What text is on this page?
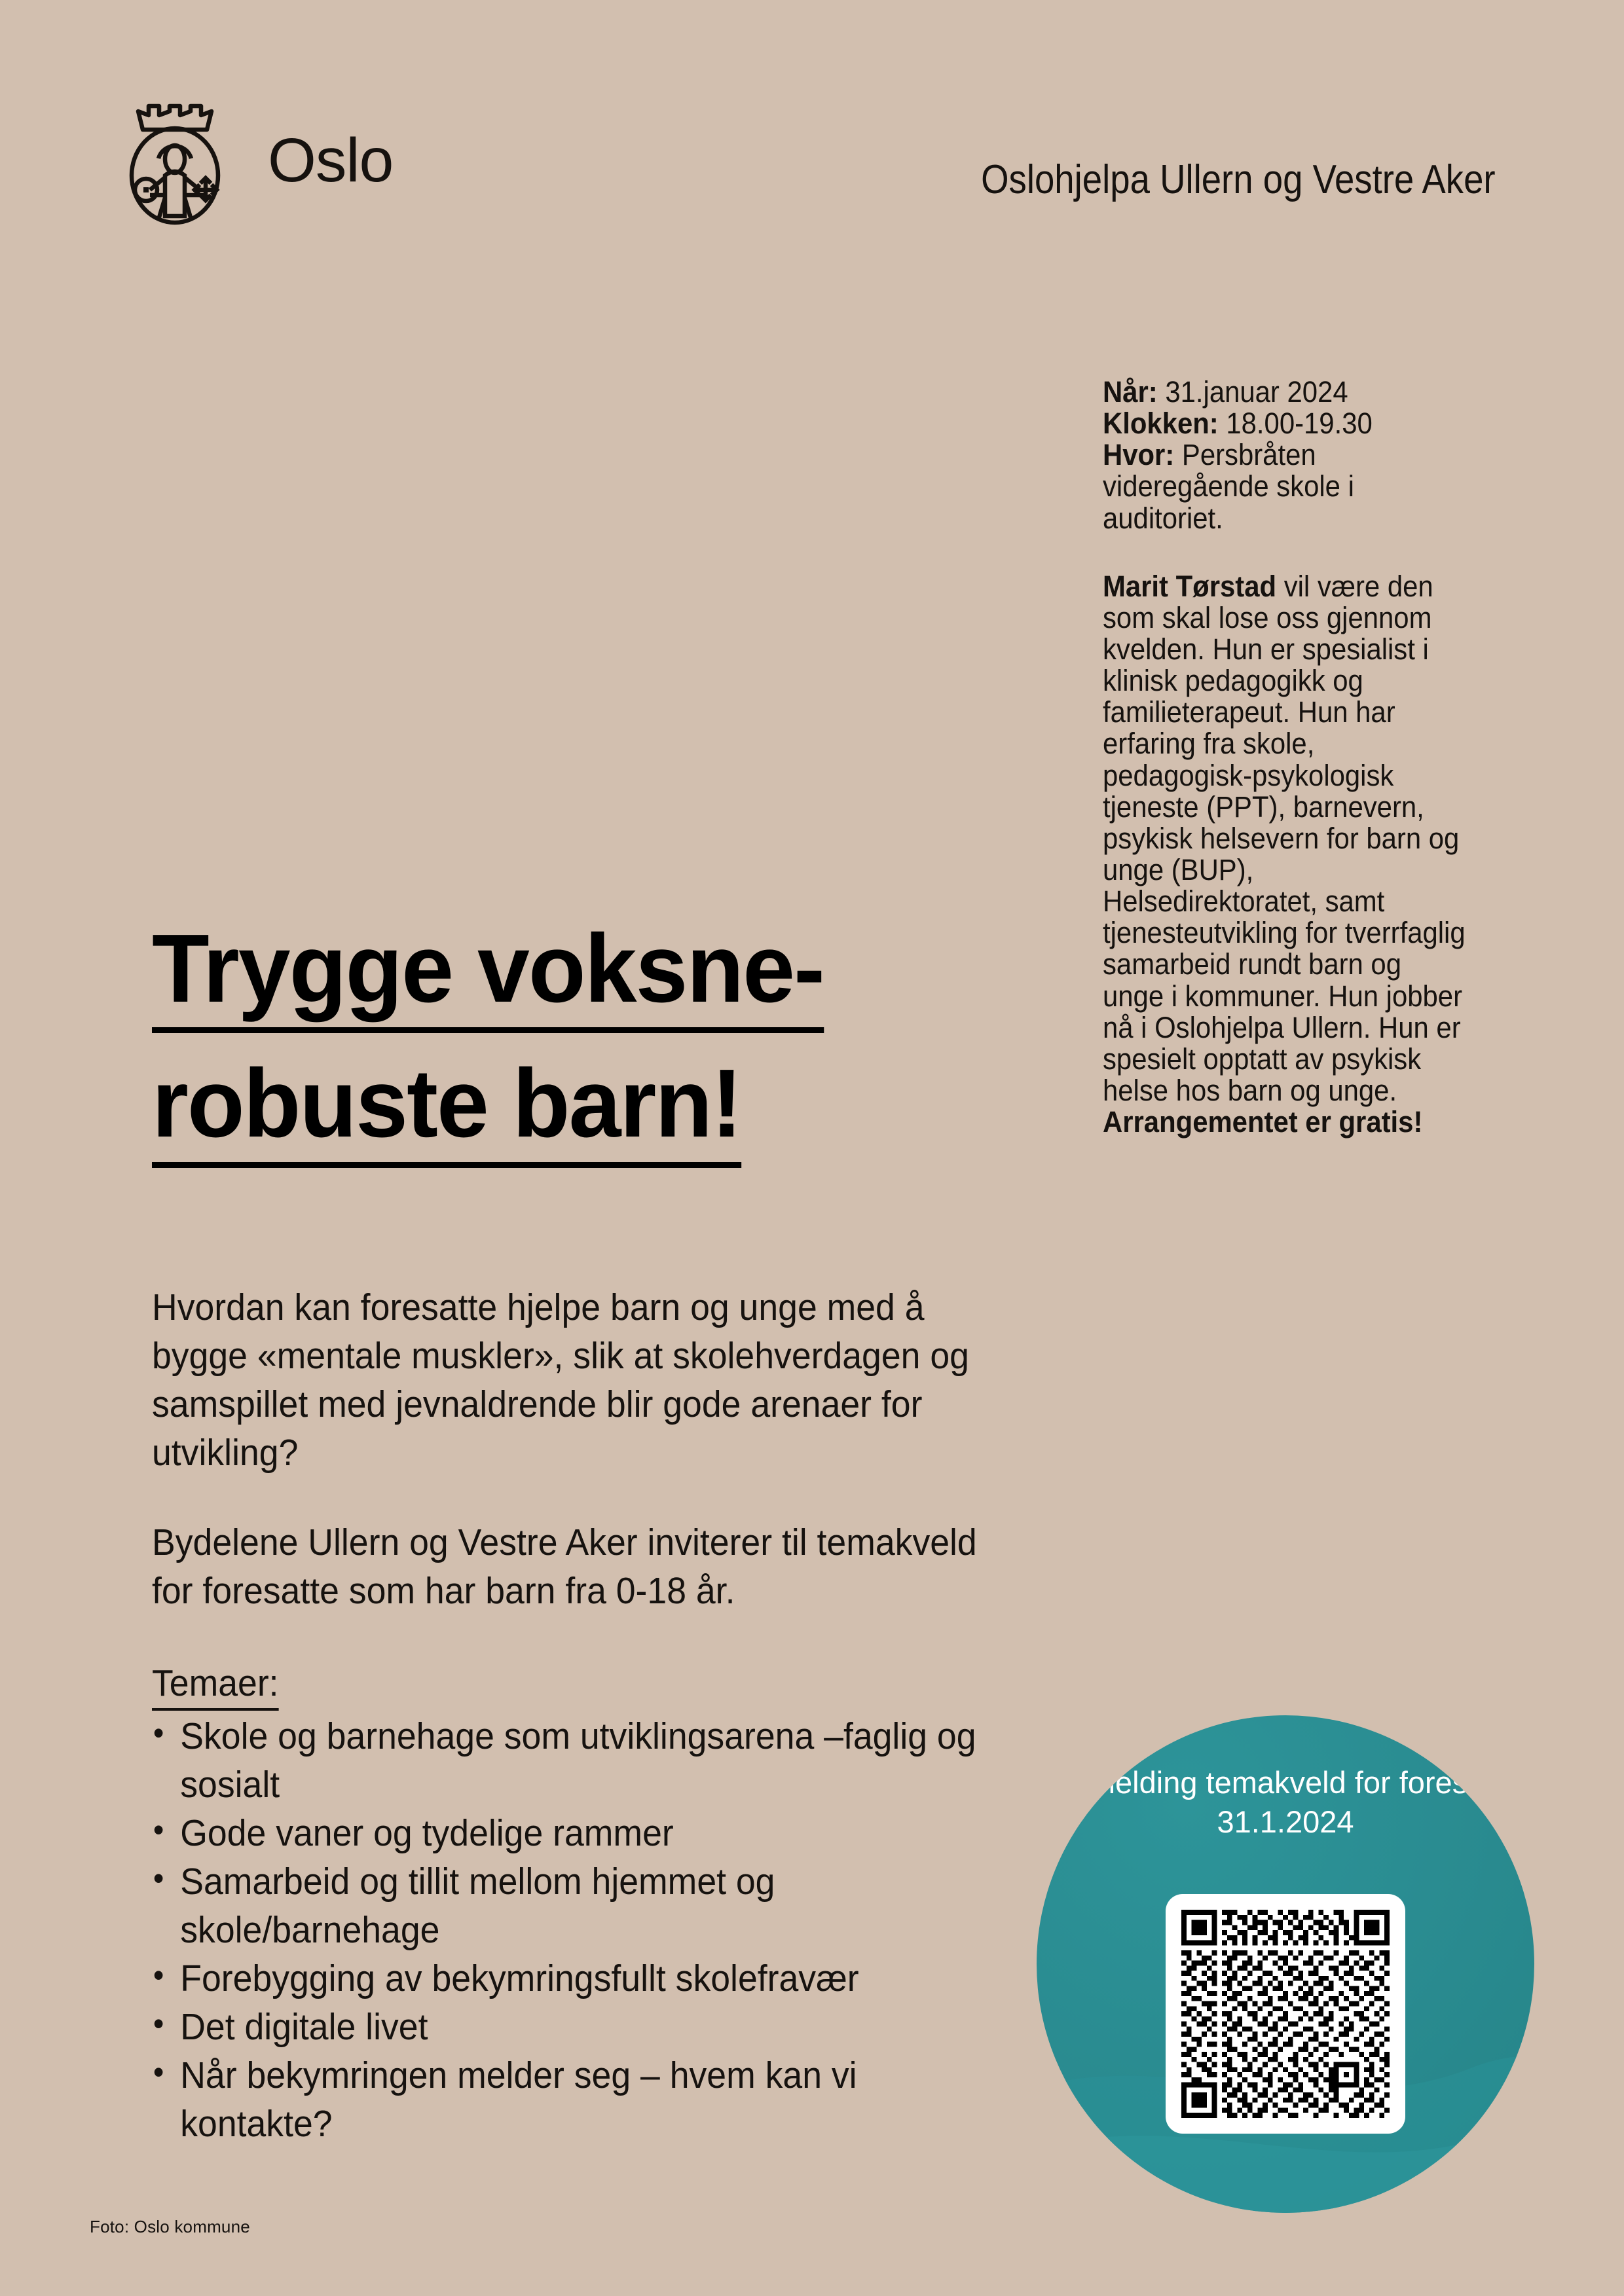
Oslo	Oslohjelpa Ullern og Vestre Aker

Når: 31.januar 2024
Klokken: 18.00-19.30
Hvor: Persbråten videregående skole i auditoriet.

Marit Tørstad vil være den som skal lose oss gjennom kvelden. Hun er spesialist i klinisk pedagogikk og familieterapeut. Hun har erfaring fra skole, pedagogisk-psykologisk tjeneste (PPT), barnevern, psykisk helsevern for barn og unge (BUP), Helsedirektoratet, samt tjenesteutvikling for tverrfaglig samarbeid rundt barn og unge i kommuner. Hun jobber nå i Oslohjelpa Ullern. Hun er spesielt opptatt av psykisk helse hos barn og unge. Arrangementet er gratis!

Trygge voksne-
robuste barn!

Hvordan kan foresatte hjelpe barn og unge med å bygge «mentale muskler», slik at skolehverdagen og samspillet med jevnaldrende blir gode arenaer for utvikling?

Bydelene Ullern og Vestre Aker inviterer til temakveld for foresatte som har barn fra 0-18 år.

Temaer:
• Skole og barnehage som utviklingsarena –faglig og sosialt
• Gode vaner og tydelige rammer
• Samarbeid og tillit mellom hjemmet og skole/barnehage
• Forebygging av bekymringsfullt skolefravær
• Det digitale livet
• Når bekymringen melder seg – hvem kan vi kontakte?
Påmelding temakveld for foresatte
31.1.2024
Foto: Oslo kommune
